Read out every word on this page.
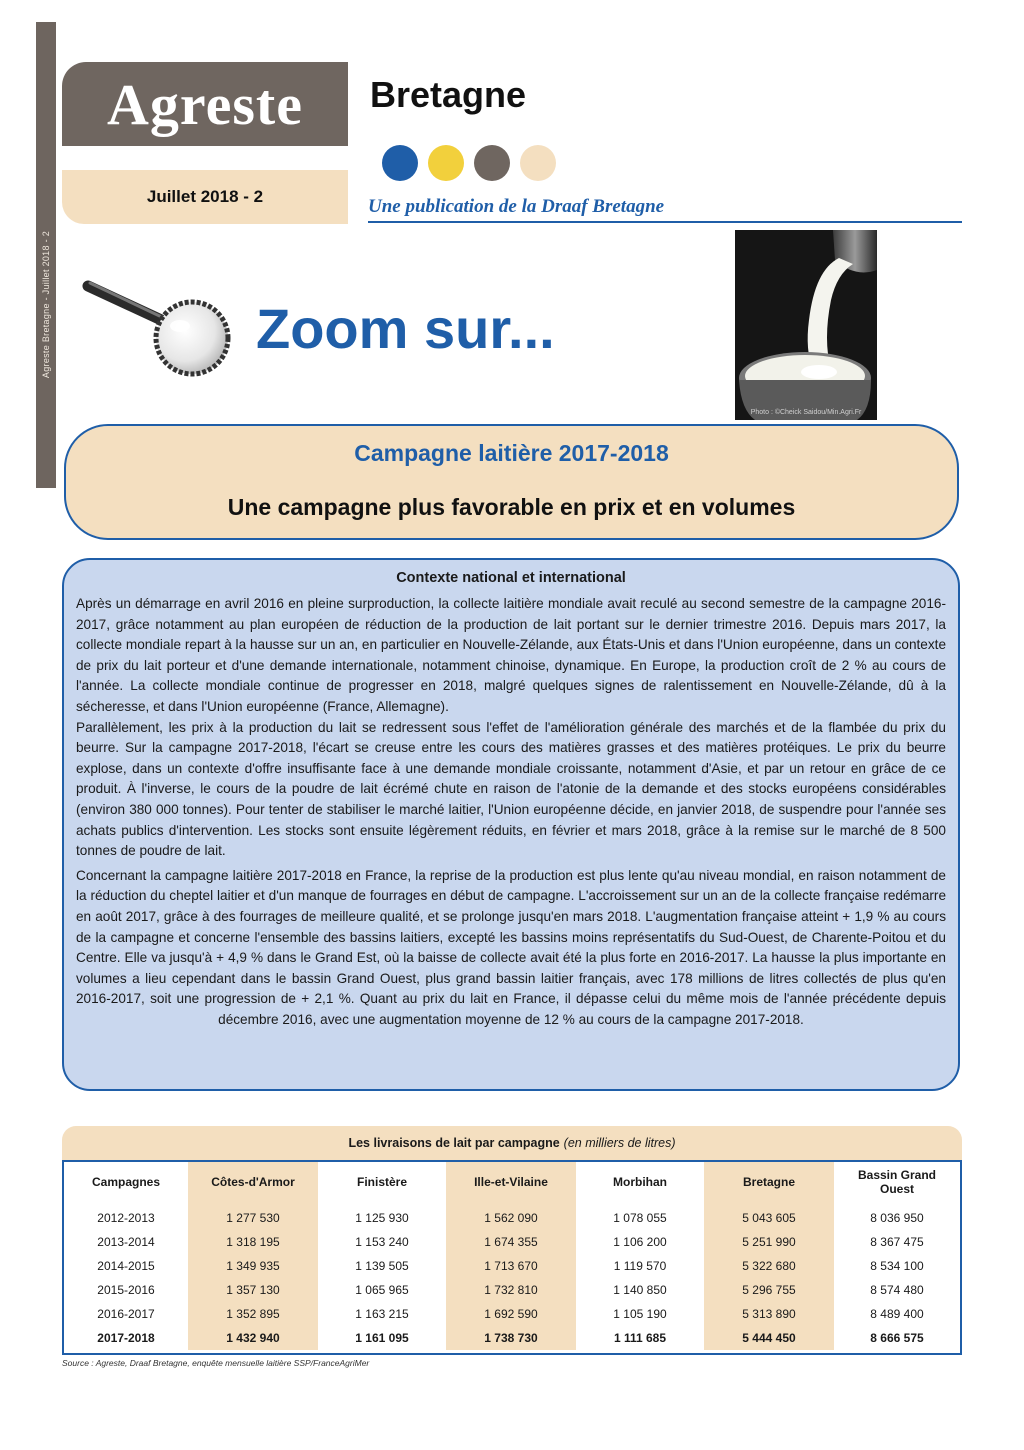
Agreste Bretagne - Juillet 2018 - 2
Agreste Bretagne
Juillet 2018 - 2	Une publication de la Draaf Bretagne
Zoom sur...
Photo : ©Cheick Saidou/Min.Agri.Fr
Campagne laitière 2017-2018
Une campagne plus favorable en prix et en volumes
Contexte national et international

Après un démarrage en avril 2016 en pleine surproduction, la collecte laitière mondiale avait reculé au second semestre de la campagne 2016-2017, grâce notamment au plan européen de réduction de la production de lait portant sur le dernier trimestre 2016. Depuis mars 2017, la collecte mondiale repart à la hausse sur un an, en particulier en Nouvelle-Zélande, aux États-Unis et dans l'Union européenne, dans un contexte de prix du lait porteur et d'une demande internationale, notamment chinoise, dynamique. En Europe, la production croît de 2 % au cours de l'année. La collecte mondiale continue de progresser en 2018, malgré quelques signes de ralentissement en Nouvelle-Zélande, dû à la sécheresse, et dans l'Union européenne (France, Allemagne).

Parallèlement, les prix à la production du lait se redressent sous l'effet de l'amélioration générale des marchés et de la flambée du prix du beurre. Sur la campagne 2017-2018, l'écart se creuse entre les cours des matières grasses et des matières protéiques. Le prix du beurre explose, dans un contexte d'offre insuffisante face à une demande mondiale croissante, notamment d'Asie, et par un retour en grâce de ce produit. À l'inverse, le cours de la poudre de lait écrémé chute en raison de l'atonie de la demande et des stocks européens considérables (environ 380 000 tonnes). Pour tenter de stabiliser le marché laitier, l'Union européenne décide, en janvier 2018, de suspendre pour l'année ses achats publics d'intervention. Les stocks sont ensuite légèrement réduits, en février et mars 2018, grâce à la remise sur le marché de 8 500 tonnes de poudre de lait.

Concernant la campagne laitière 2017-2018 en France, la reprise de la production est plus lente qu'au niveau mondial, en raison notamment de la réduction du cheptel laitier et d'un manque de fourrages en début de campagne. L'accroissement sur un an de la collecte française redémarre en août 2017, grâce à des fourrages de meilleure qualité, et se prolonge jusqu'en mars 2018. L'augmentation française atteint + 1,9 % au cours de la campagne et concerne l'ensemble des bassins laitiers, excepté les bassins moins représentatifs du Sud-Ouest, de Charente-Poitou et du Centre. Elle va jusqu'à + 4,9 % dans le Grand Est, où la baisse de collecte avait été la plus forte en 2016-2017. La hausse la plus importante en volumes a lieu cependant dans le bassin Grand Ouest, plus grand bassin laitier français, avec 178 millions de litres collectés de plus qu'en 2016-2017, soit une progression de + 2,1 %. Quant au prix du lait en France, il dépasse celui du même mois de l'année précédente depuis décembre 2016, avec une augmentation moyenne de 12 % au cours de la campagne 2017-2018.

Les livraisons de lait par campagne (en milliers de litres)
Campagnes	Côtes-d'Armor	Finistère	Ille-et-Vilaine	Morbihan	Bretagne	Bassin Grand Ouest
2012-2013	1 277 530	1 125 930	1 562 090	1 078 055	5 043 605	8 036 950
2013-2014	1 318 195	1 153 240	1 674 355	1 106 200	5 251 990	8 367 475
2014-2015	1 349 935	1 139 505	1 713 670	1 119 570	5 322 680	8 534 100
2015-2016	1 357 130	1 065 965	1 732 810	1 140 850	5 296 755	8 574 480
2016-2017	1 352 895	1 163 215	1 692 590	1 105 190	5 313 890	8 489 400
2017-2018	1 432 940	1 161 095	1 738 730	1 111 685	5 444 450	8 666 575
Source : Agreste, Draaf Bretagne, enquête mensuelle laitière SSP/FranceAgriMer
